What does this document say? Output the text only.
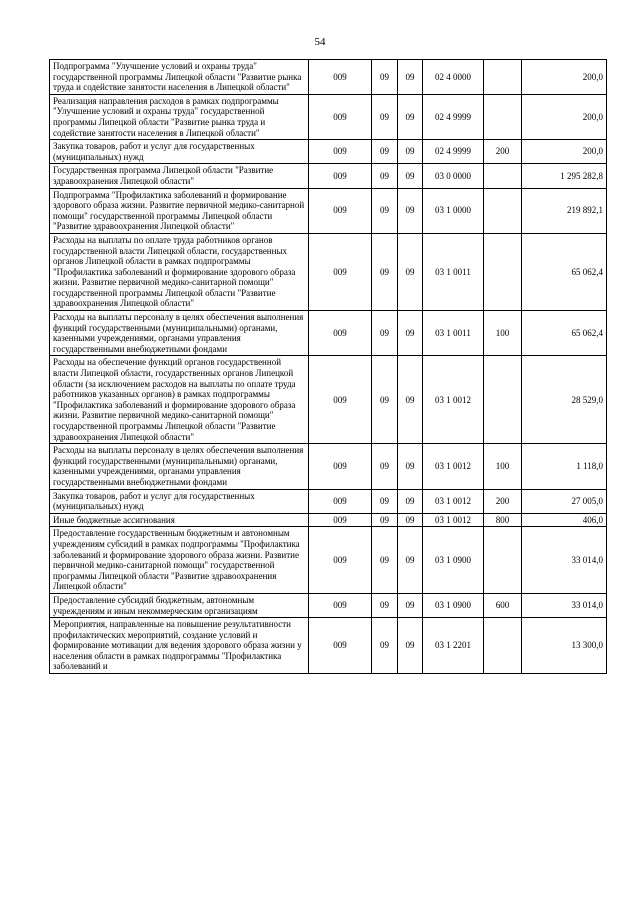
54
Подпрограмма "Улучшение условий и охраны труда" государственной программы Липецкой области "Развитие рынка труда и содействие занятости населения в Липецкой области"	009	09	09	02 4 0000		200,0
Реализация направления расходов в рамках подпрограммы "Улучшение условий и охраны труда" государственной программы Липецкой области "Развитие рынка труда и содействие занятости населения в Липецкой области"	009	09	09	02 4 9999		200,0
Закупка товаров, работ и услуг для государственных (муниципальных) нужд	009	09	09	02 4 9999	200	200,0
Государственная программа Липецкой области "Развитие здравоохранения Липецкой области"	009	09	09	03 0 0000		1 295 282,8
Подпрограмма "Профилактика заболеваний и формирование здорового образа жизни. Развитие первичной медико-санитарной помощи" государственной программы Липецкой области "Развитие здравоохранения Липецкой области"	009	09	09	03 1 0000		219 892,1
Расходы на выплаты по оплате труда работников органов государственной власти Липецкой области, государственных органов Липецкой области в рамках подпрограммы "Профилактика заболеваний и формирование здорового образа жизни. Развитие первичной медико-санитарной помощи" государственной программы Липецкой области "Развитие здравоохранения Липецкой области"	009	09	09	03 1 0011		65 062,4
Расходы на выплаты персоналу в целях обеспечения выполнения функций государственными (муниципальными) органами, казенными учреждениями, органами управления государственными внебюджетными фондами	009	09	09	03 1 0011	100	65 062,4
Расходы на обеспечение функций органов государственной власти Липецкой области, государственных органов Липецкой области (за исключением расходов на выплаты по оплате труда работников указанных органов) в рамках подпрограммы "Профилактика заболеваний и формирование здорового образа жизни. Развитие первичной медико-санитарной помощи" государственной программы Липецкой области "Развитие здравоохранения Липецкой области"	009	09	09	03 1 0012		28 529,0
Расходы на выплаты персоналу в целях обеспечения выполнения функций государственными (муниципальными) органами, казенными учреждениями, органами управления государственными внебюджетными фондами	009	09	09	03 1 0012	100	1 118,0
Закупка товаров, работ и услуг для государственных (муниципальных) нужд	009	09	09	03 1 0012	200	27 005,0
Иные бюджетные ассигнования	009	09	09	03 1 0012	800	406,0
Предоставление государственным бюджетным и автономным учреждениям субсидий в рамках подпрограммы "Профилактика заболеваний и формирование здорового образа жизни. Развитие первичной медико-санитарной помощи" государственной программы Липецкой области "Развитие здравоохранения Липецкой области"	009	09	09	03 1 0900		33 014,0
Предоставление субсидий бюджетным, автономным учреждениям и иным некоммерческим организациям	009	09	09	03 1 0900	600	33 014,0
Мероприятия, направленные на повышение результативности профилактических мероприятий, создание условий и формирование мотивации для ведения здорового образа жизни у населения области в рамках подпрограммы "Профилактика заболеваний и	009	09	09	03 1 2201		13 300,0
